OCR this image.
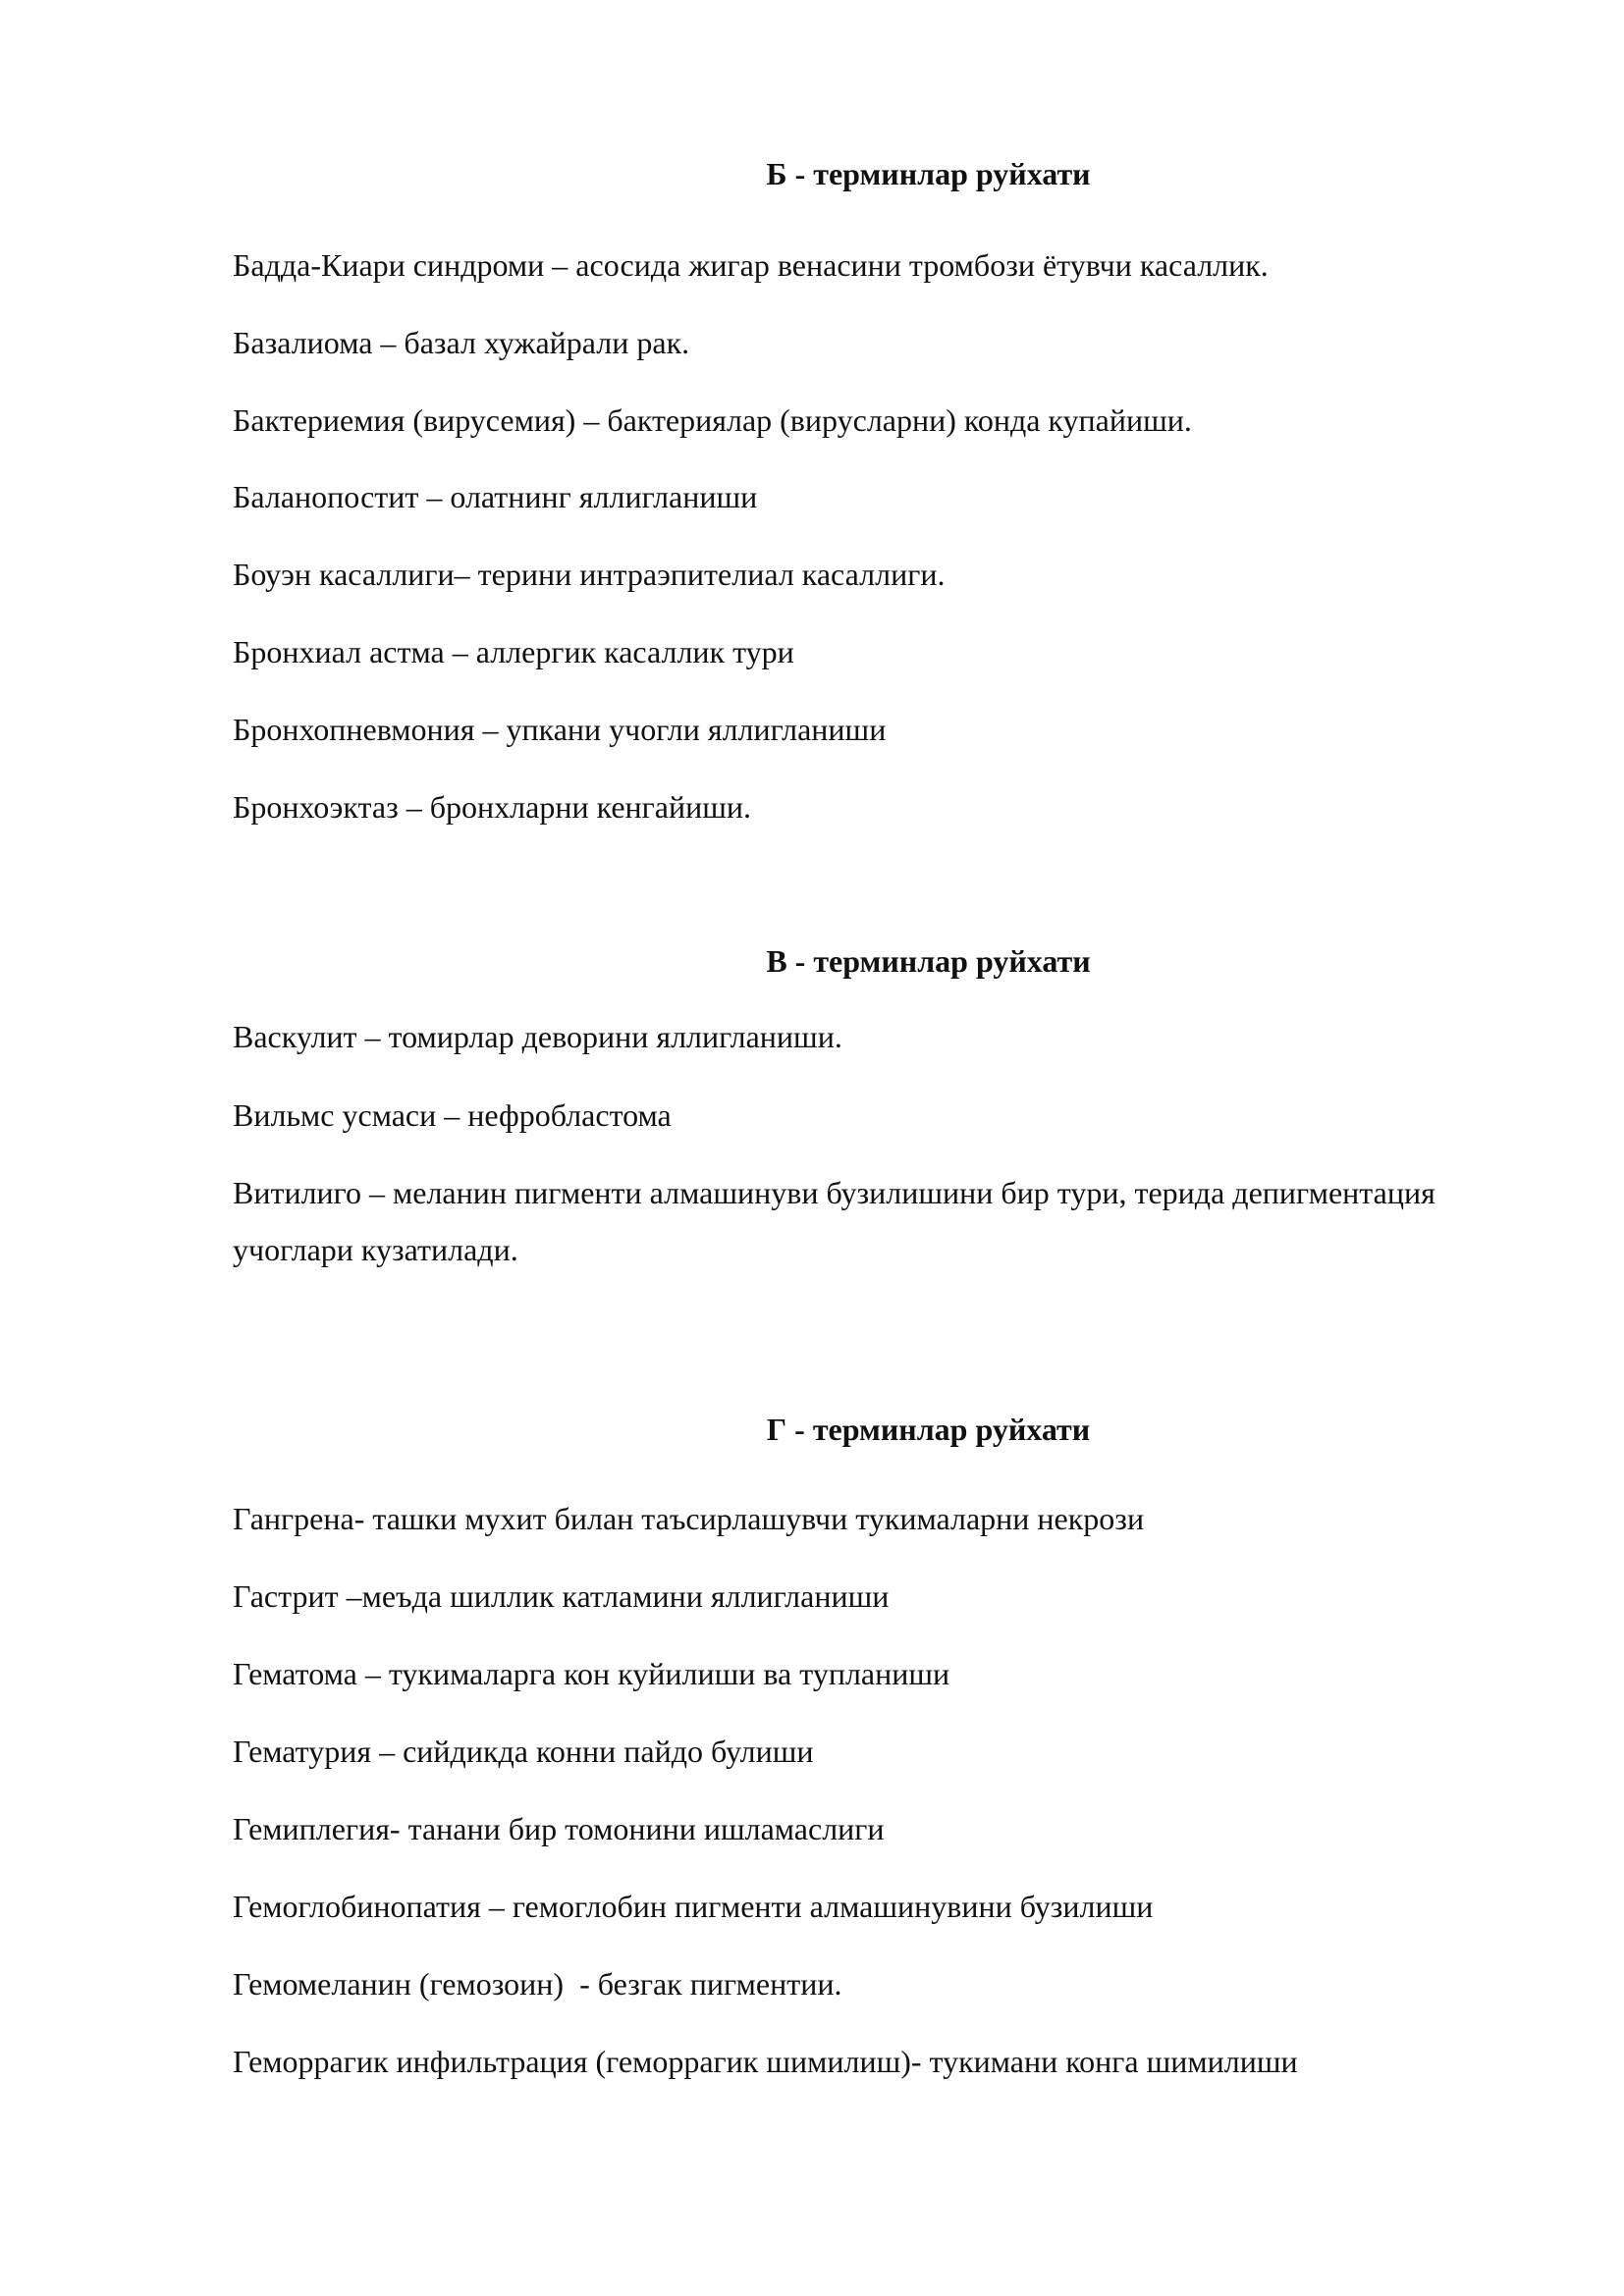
Б - терминлар руйхати
Бадда-Киари синдроми – асосида жигар венасини тромбози ётувчи касаллик.
Базалиома – базал хужайрали рак.
Бактериемия (вирусемия) – бактериялар (вирусларни) конда купайиши.
Баланопостит – олатнинг яллигланиши
Боуэн касаллиги– терини интраэпителиал касаллиги.
Бронхиал астма – аллергик касаллик тури
Бронхопневмония – упкани учогли яллигланиши
Бронхоэктаз – бронхларни кенгайиши.
В - терминлар руйхати
Васкулит – томирлар деворини яллигланиши.
Вильмс усмаси – нефробластома
Витилиго – меланин пигменти алмашинуви бузилишини бир тури, терида депигментация учоглари кузатилади.
Г - терминлар руйхати
Гангрена- ташки мухит билан таъсирлашувчи тукималарни некрози
Гастрит –меъда шиллик катламини яллигланиши
Гематома – тукималарга кон куйилиши ва тупланиши
Гематурия – сийдикда конни пайдо булиши
Гемиплегия- танани бир томонини ишламаслиги
Гемоглобинопатия – гемоглобин пигменти алмашинувини бузилиши
Гемомеланин (гемозоин)  - безгак пигментии.
Геморрагик инфильтрация (геморрагик шимилиш)- тукимани конга шимилиши
